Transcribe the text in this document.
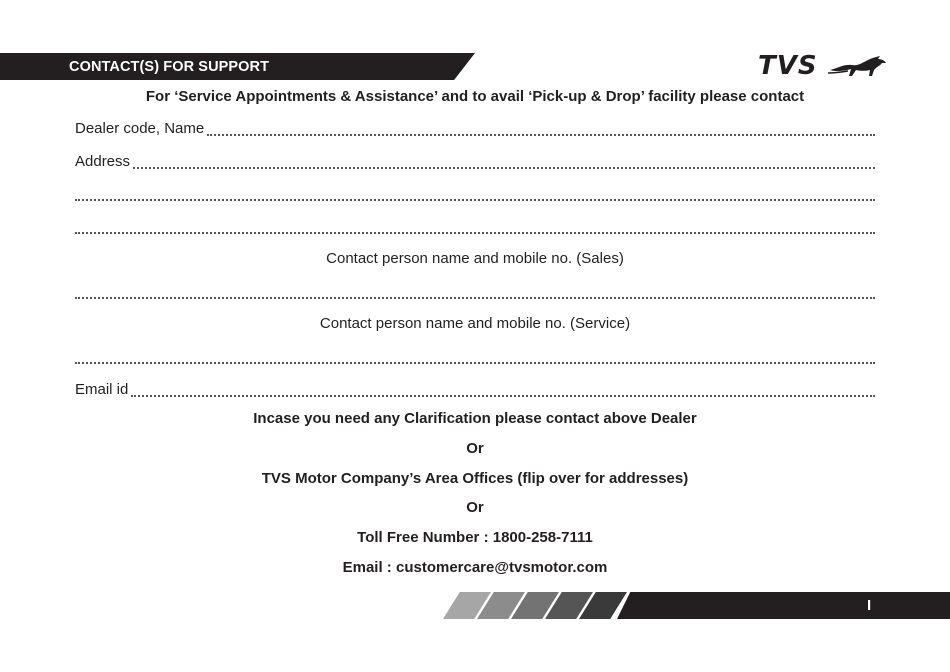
CONTACT(S) FOR SUPPORT	TVS
For ‘Service Appointments & Assistance’ and to avail ‘Pick-up & Drop’ facility please contact
Dealer code, Name
Address
Contact person name and mobile no. (Sales)
Contact person name and mobile no. (Service)
Email id
Incase you need any Clarification please contact above Dealer
Or
TVS Motor Company’s Area Offices (flip over for addresses)
Or
Toll Free Number : 1800-258-7111
Email : customercare@tvsmotor.com
I
